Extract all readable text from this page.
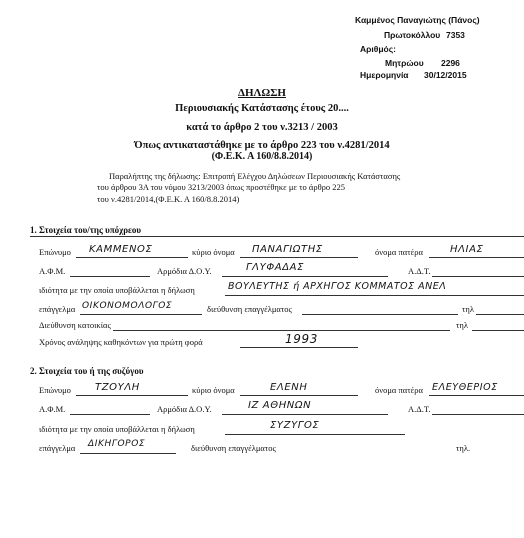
Καμμένος Παναγιώτης (Πάνος)
Πρωτοκόλλου 7353
Αριθμός:
Μητρώου 2296
Ημερομηνία 30/12/2015
ΔΗΛΩΣΗ
Περιουσιακής Κατάστασης έτους 20....
κατά το άρθρο 2 του ν.3213 / 2003
Όπως αντικαταστάθηκε με το άρθρο 223 του ν.4281/2014
(Φ.Ε.Κ. Α 160/8.8.2014)
Παραλήπτης της δήλωσης: Επιτροπή Ελέγχου Δηλώσεων Περιουσιακής Κατάστασης
του άρθρου 3Α του νόμου 3213/2003 όπως προστέθηκε με το άρθρο 225
του ν.4281/2014,(Φ.Ε.Κ. Α 160/8.8.2014)
1. Στοιχεία του/της υπόχρεου
Επώνυμο ΚΑΜΜΕΝΟΣ	κύριο όνομα ΠΑΝΑΓΙΩΤΗΣ	όνομα πατέρα	ΗΛΙΑΣ
Α.Φ.Μ.	Αρμόδια Δ.Ο.Υ.	ΓΛΥΦΑΔΑΣ	Α.Δ.Τ.
ιδιότητα με την οποία υποβάλλεται η δήλωση	ΒΟΥΛΕΥΤΗΣ ή ΑΡΧΗΓΟΣ ΚΟΜΜΑΤΟΣ ΑΝΕΛ
επάγγελμα ΟΙΚΟΝΟΜΟΛΟΓΟΣ	διεύθυνση επαγγέλματος	τηλ
Διεύθυνση κατοικίας	τηλ
Χρόνος ανάληψης καθηκόντων για πρώτη φορά	1993
2. Στοιχεία του ή της συζύγου
Επώνυμο ΤΖΟΥΛΗ	κύριο όνομα	ΕΛΕΝΗ	όνομα πατέρα ΕΛΕΥΘΕΡΙΟΣ
Α.Φ.Μ.	Αρμόδια Δ.Ο.Υ.	ΙΖ ΑΘΗΝΩΝ	Α.Δ.Τ.
ιδιότητα με την οποία υποβάλλεται η δήλωση	ΣΥΖΥΓΟΣ
επάγγελμα ΔΙΚΗΓΟΡΟΣ	διεύθυνση επαγγέλματος	τηλ.
